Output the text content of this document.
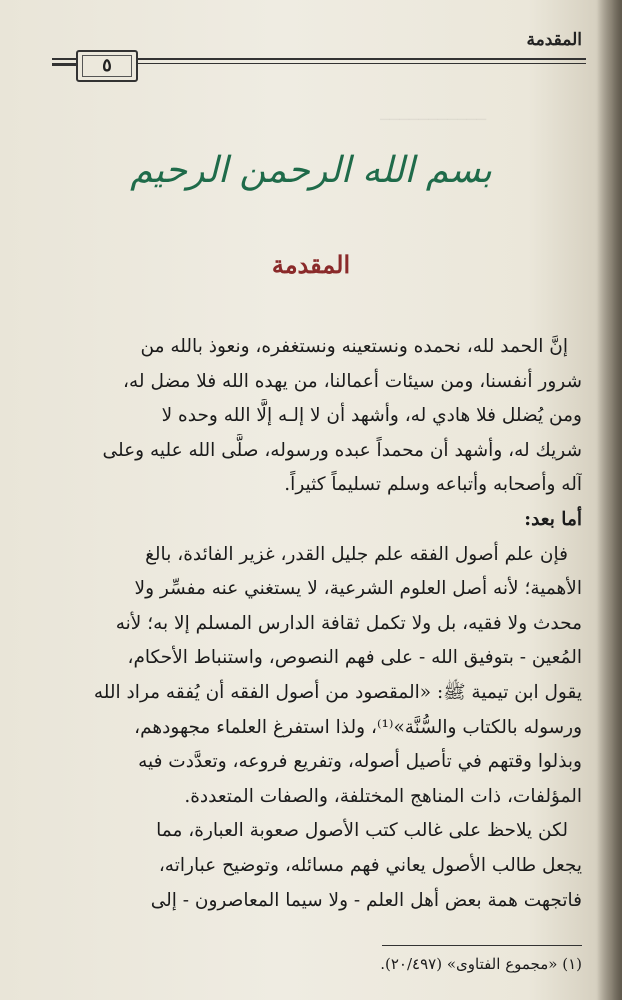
───────────
المقدمة
٥
بسم الله الرحمن الرحيم
المقدمة
إنَّ الحمد لله، نحمده ونستعينه ونستغفره، ونعوذ بالله من
شرور أنفسنا، ومن سيئات أعمالنا، من يهده الله فلا مضل له،
ومن يُضلل فلا هادي له، وأشهد أن لا إلـه إلَّا الله وحده لا
شريك له، وأشهد أن محمداً عبده ورسوله، صلَّى الله عليه وعلى
آله وأصحابه وأتباعه وسلم تسليماً كثيراً.
أما بعد:
فإن علم أصول الفقه علم جليل القدر، غزير الفائدة، بالغ
الأهمية؛ لأنه أصل العلوم الشرعية، لا يستغني عنه مفسِّر ولا
محدث ولا فقيه، بل ولا تكمل ثقافة الدارس المسلم إلا به؛ لأنه
المُعين - بتوفيق الله - على فهم النصوص، واستنباط الأحكام،
يقول ابن تيمية ﷺ: «المقصود من أصول الفقه أن يُفقه مراد الله
ورسوله بالكتاب والسُّنَّة»⁽¹⁾، ولذا استفرغ العلماء مجهودهم،
وبذلوا وقتهم في تأصيل أصوله، وتفريع فروعه، وتعدَّدت فيه
المؤلفات، ذات المناهج المختلفة، والصفات المتعددة.
لكن يلاحظ على غالب كتب الأصول صعوبة العبارة، مما
يجعل طالب الأصول يعاني فهم مسائله، وتوضيح عباراته،
فاتجهت همة بعض أهل العلم - ولا سيما المعاصرون - إلى
(١) «مجموع الفتاوى» (٢٠/٤٩٧).
